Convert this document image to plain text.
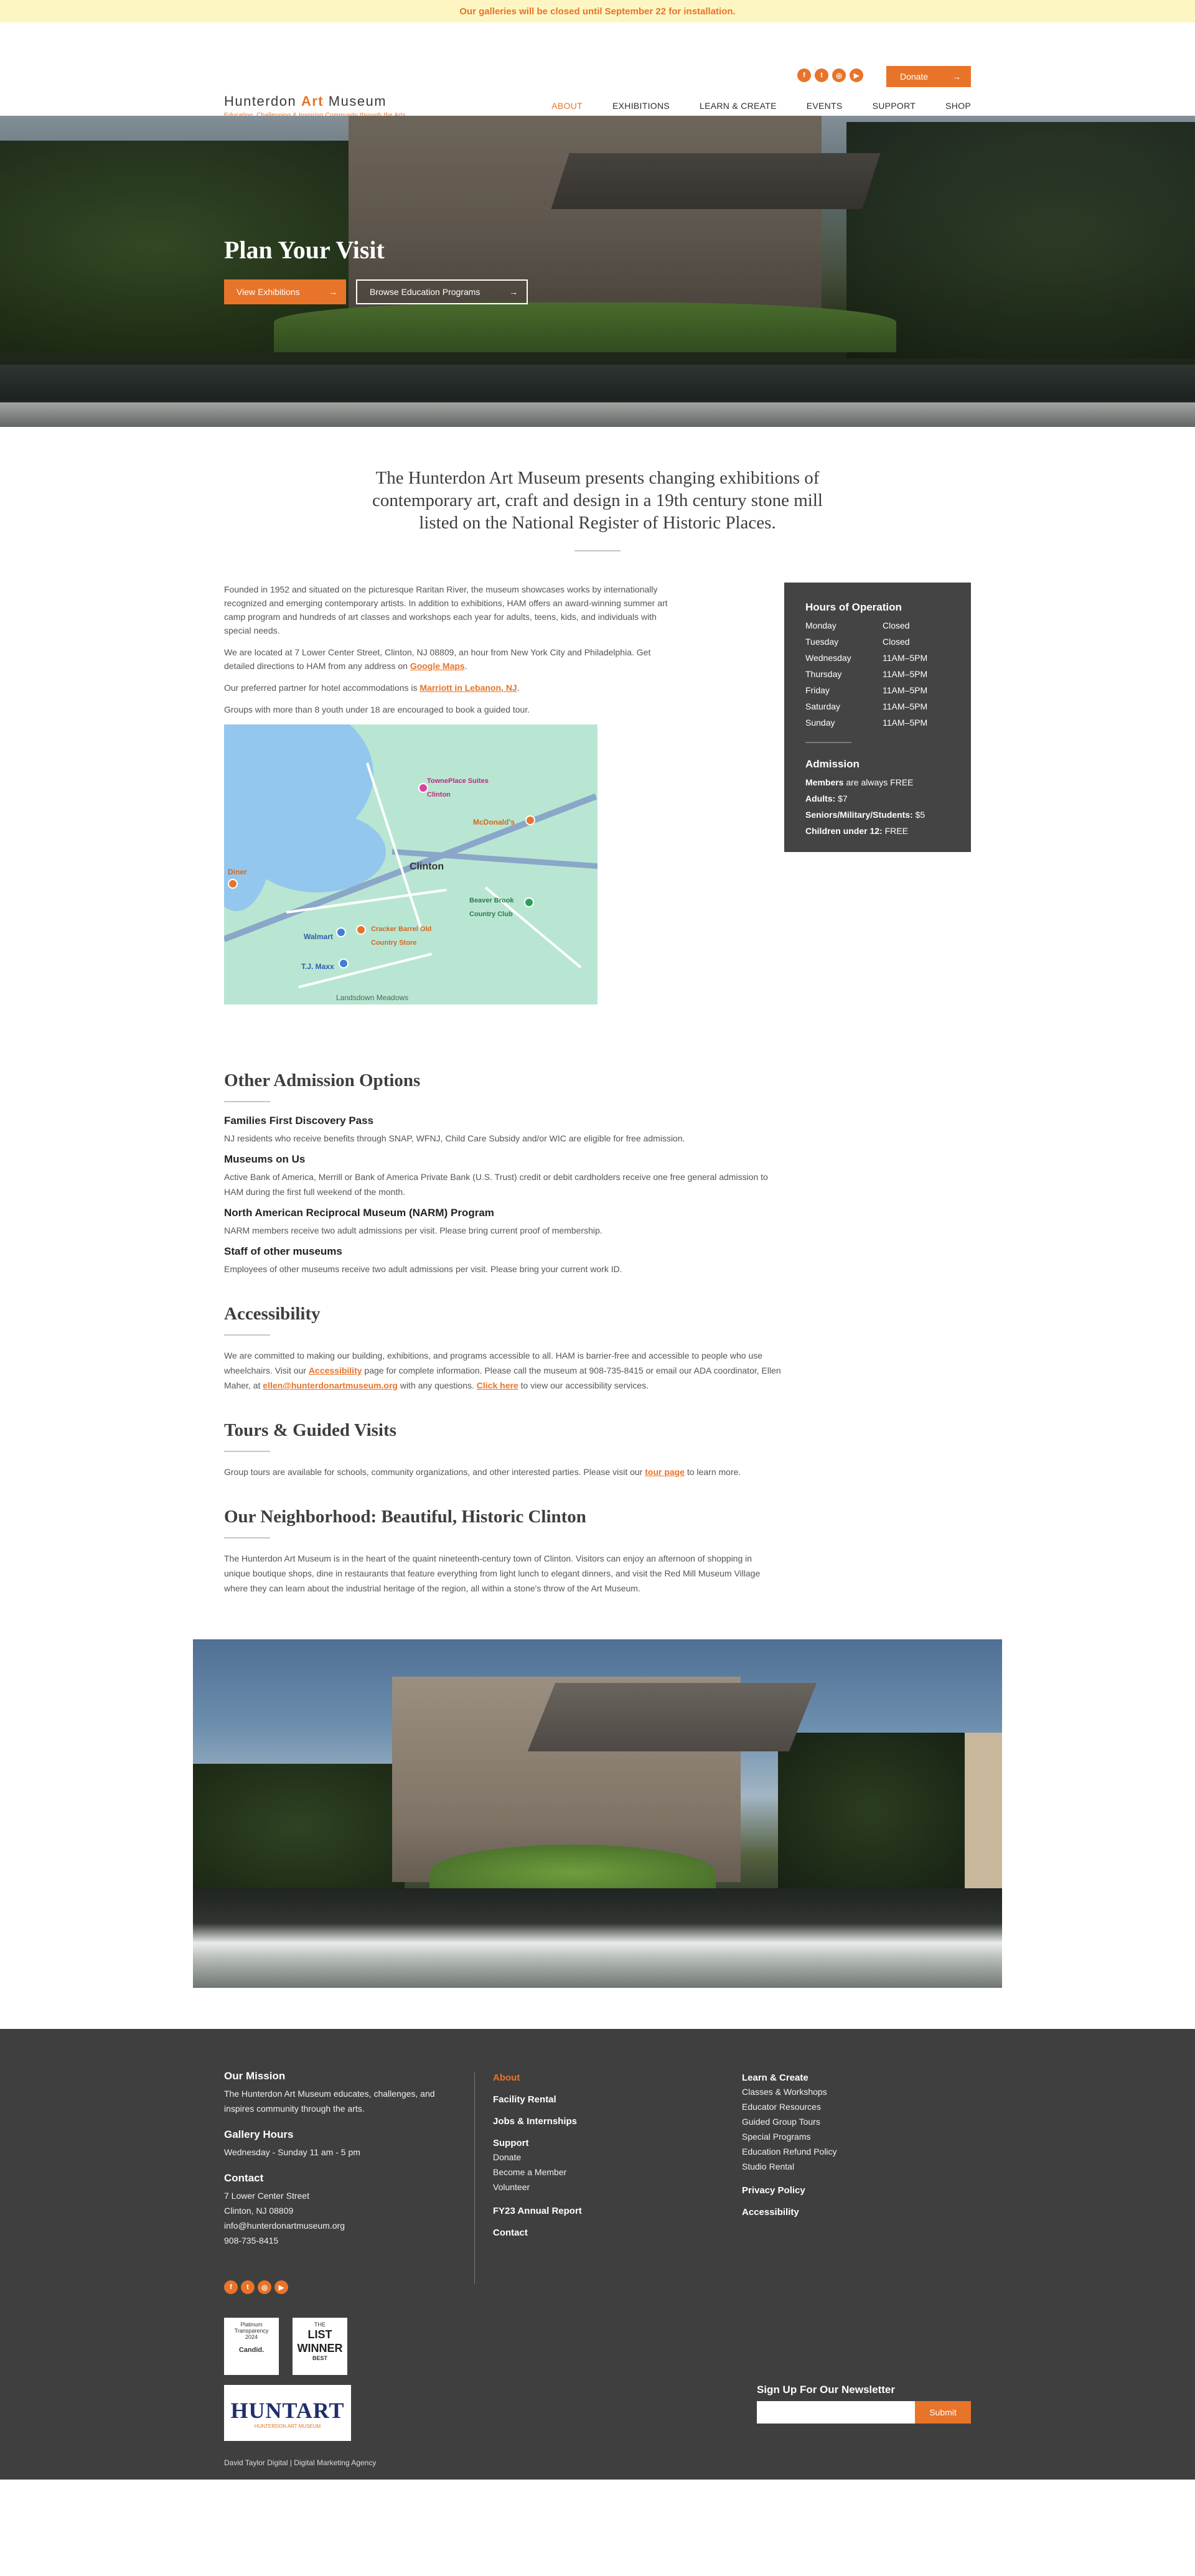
Our galleries will be closed until September 22 for installation.
Hunterdon Art Museum
f	t	◎	▶	Donate	→
ABOUT	EXHIBITIONS	LEARN & CREATE	EVENTS	SUPPORT	SHOP
Plan Your Visit
View Exhibitions	→	Browse Education Programs	→
The Hunterdon Art Museum presents changing exhibitions of contemporary art, craft and design in a 19th century stone mill listed on the National Register of Historic Places.

Founded in 1952 and situated on the picturesque Raritan River, the museum showcases works by internationally recognized and emerging contemporary artists. In addition to exhibitions, HAM offers an award-winning summer art camp program and hundreds of art classes and workshops each year for adults, teens, kids, and individuals with special needs.

We are located at 7 Lower Center Street, Clinton, NJ 08809, an hour from New York City and Philadelphia. Get detailed directions to HAM from any address on Google Maps.

Our preferred partner for hotel accommodations is Marriott in Lebanon, NJ.

Groups with more than 8 youth under 18 are encouraged to book a guided tour.

TownePlace Suites Clinton
McDonald's
Clinton
Beaver Brook Country Club
Cracker Barrel Old Country Store
Walmart
T.J. Maxx
Landsdown Meadows
Diner
Hours of Operation
Monday	Closed
Tuesday	Closed
Wednesday	11AM–5PM
Thursday	11AM–5PM
Friday	11AM–5PM
Saturday	11AM–5PM
Sunday	11AM–5PM
Admission
Members are always FREE
Adults: $7
Seniors/Military/Students: $5
Children under 12: FREE
Other Admission Options
Families First Discovery Pass
NJ residents who receive benefits through SNAP, WFNJ, Child Care Subsidy and/or WIC are eligible for free admission.
Museums on Us
Active Bank of America, Merrill or Bank of America Private Bank (U.S. Trust) credit or debit cardholders receive one free general admission to HAM during the first full weekend of the month.
North American Reciprocal Museum (NARM) Program
NARM members receive two adult admissions per visit. Please bring current proof of membership.
Staff of other museums
Employees of other museums receive two adult admissions per visit. Please bring your current work ID.
Accessibility
We are committed to making our building, exhibitions, and programs accessible to all. HAM is barrier-free and accessible to people who use wheelchairs. Visit our Accessibility page for complete information. Please call the museum at 908-735-8415 or email our ADA coordinator, Ellen Maher, at ellen@hunterdonartmuseum.org with any questions. Click here to view our accessibility services.
Tours & Guided Visits
Group tours are available for schools, community organizations, and other interested parties. Please visit our tour page to learn more.
Our Neighborhood: Beautiful, Historic Clinton
The Hunterdon Art Museum is in the heart of the quaint nineteenth-century town of Clinton. Visitors can enjoy an afternoon of shopping in unique boutique shops, dine in restaurants that feature everything from light lunch to elegant dinners, and visit the Red Mill Museum Village where they can learn about the industrial heritage of the region, all within a stone's throw of the Art Museum.
Our Mission
The Hunterdon Art Museum educates, challenges, and inspires community through the arts.
Gallery Hours
Wednesday - Sunday 11 am - 5 pm
Contact
7 Lower Center Street
Clinton, NJ 08809
info@hunterdonartmuseum.org
908-735-8415
f	t	◎	▶
Platinum
Transparency
2024
Candid.
THE
LIST
WINNER
BEST
HUNTART
HUNTERDON ART MUSEUM
About
Facility Rental
Jobs & Internships
Support
Donate
Become a Member
Volunteer
FY23 Annual Report
Contact
Learn & Create
Classes & Workshops
Educator Resources
Guided Group Tours
Special Programs
Education Refund Policy
Studio Rental
Privacy Policy
Accessibility
Sign Up For Our Newsletter
Submit
David Taylor Digital | Digital Marketing Agency
